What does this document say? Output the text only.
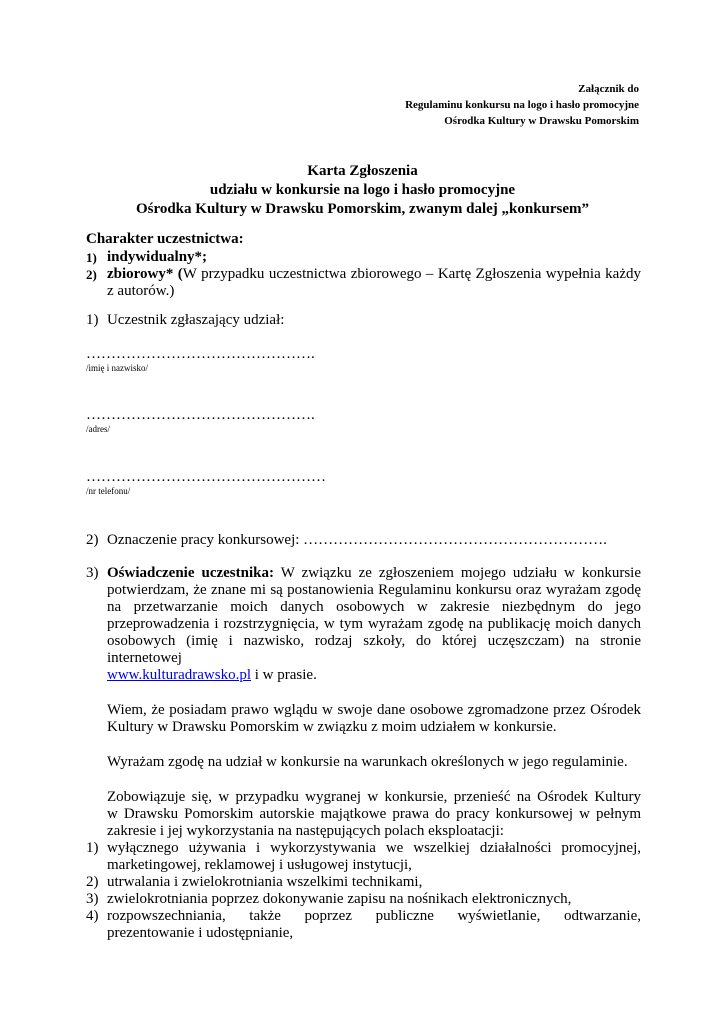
Załącznik do
Regulaminu konkursu na logo i hasło promocyjne
Ośrodka Kultury w Drawsku Pomorskim
Karta Zgłoszenia
udziału w konkursie na logo i hasło promocyjne
Ośrodka Kultury w Drawsku Pomorskim, zwanym dalej „konkursem”
Charakter uczestnictwa:
1) indywidualny*;
2) zbiorowy* (W przypadku uczestnictwa zbiorowego – Kartę Zgłoszenia wypełnia każdy
z autorów.)
1) Uczestnik zgłaszający udział:
……………………………………….
/imię i nazwisko/
……………………………………….
/adres/
…………………………………………
/nr telefonu/
2) Oznaczenie pracy konkursowej: …………………………………………………….
3) Oświadczenie uczestnika: W związku ze zgłoszeniem mojego udziału w konkursie
potwierdzam, że znane mi są postanowienia Regulaminu konkursu oraz wyrażam zgodę
na przetwarzanie moich danych osobowych w zakresie niezbędnym do jego
przeprowadzenia i rozstrzygnięcia, w tym wyrażam zgodę na publikację moich danych
osobowych (imię i nazwisko, rodzaj szkoły, do której uczęszczam) na stronie internetowej
www.kulturadrawsko.pl i w prasie.
Wiem, że posiadam prawo wglądu w swoje dane osobowe zgromadzone przez Ośrodek
Kultury w Drawsku Pomorskim w związku z moim udziałem w konkursie.
Wyrażam zgodę na udział w konkursie na warunkach określonych w jego regulaminie.
Zobowiązuje się, w przypadku wygranej w konkursie, przenieść na Ośrodek Kultury
w Drawsku Pomorskim autorskie majątkowe prawa do pracy konkursowej w pełnym
zakresie i jej wykorzystania na następujących polach eksploatacji:
1) wyłącznego używania i wykorzystywania we wszelkiej działalności promocyjnej,
marketingowej, reklamowej i usługowej instytucji,
2) utrwalania i zwielokrotniania wszelkimi technikami,
3) zwielokrotniania poprzez dokonywanie zapisu na nośnikach elektronicznych,
4) rozpowszechniania, także poprzez publiczne wyświetlanie, odtwarzanie,
prezentowanie i udostępnianie,
